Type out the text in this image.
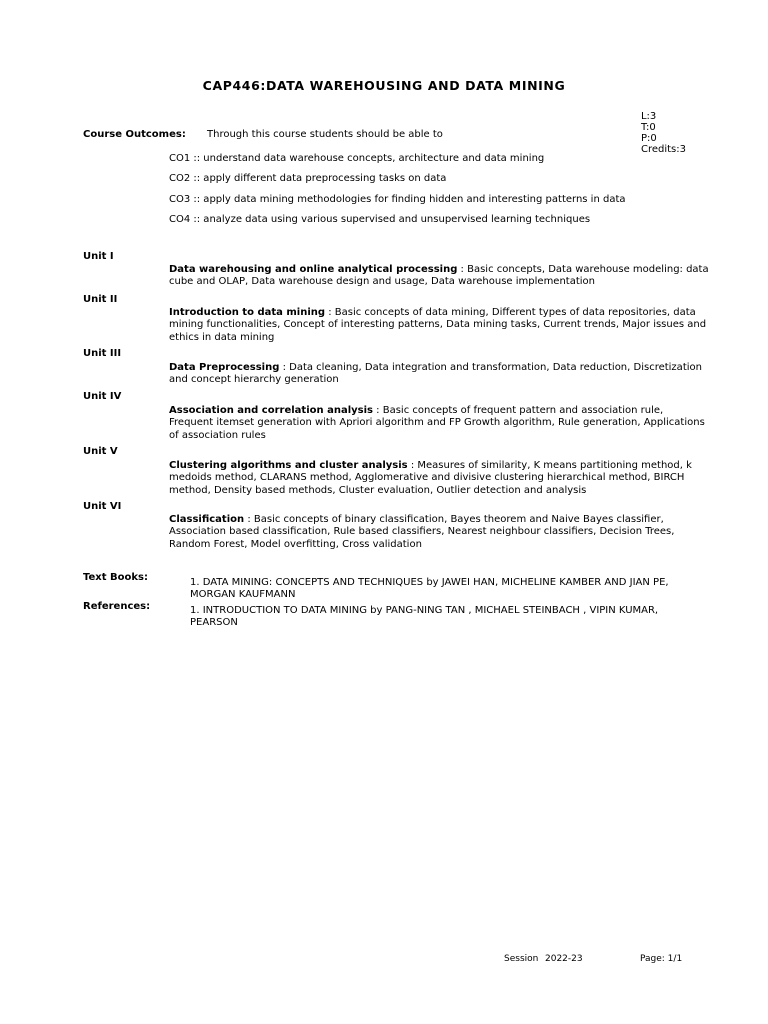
CAP446:DATA WAREHOUSING AND DATA MINING

L:3
T:0
P:0
Credits:3

Course Outcomes: Through this course students should be able to
CO1 :: understand data warehouse concepts, architecture and data mining
CO2 :: apply different data preprocessing tasks on data
CO3 :: apply data mining methodologies for finding hidden and interesting patterns in data
CO4 :: analyze data using various supervised and unsupervised learning techniques
Unit I
Data warehousing and online analytical processing : Basic concepts, Data warehouse modeling: data cube and OLAP, Data warehouse design and usage, Data warehouse implementation
Unit II
Introduction to data mining : Basic concepts of data mining, Different types of data repositories, data mining functionalities, Concept of interesting patterns, Data mining tasks, Current trends, Major issues and ethics in data mining
Unit III
Data Preprocessing : Data cleaning, Data integration and transformation, Data reduction, Discretization and concept hierarchy generation
Unit IV
Association and correlation analysis : Basic concepts of frequent pattern and association rule, Frequent itemset generation with Apriori algorithm and FP Growth algorithm, Rule generation, Applications of association rules
Unit V
Clustering algorithms and cluster analysis : Measures of similarity, K means partitioning method, k medoids method, CLARANS method, Agglomerative and divisive clustering hierarchical method, BIRCH method, Density based methods, Cluster evaluation, Outlier detection and analysis
Unit VI
Classification : Basic concepts of binary classification, Bayes theorem and Naive Bayes classifier, Association based classification, Rule based classifiers, Nearest neighbour classifiers, Decision Trees, Random Forest, Model overfitting, Cross validation
Text Books:	1. DATA MINING: CONCEPTS AND TECHNIQUES by JAWEI HAN, MICHELINE KAMBER AND JIAN PE, MORGAN KAUFMANN
References:	1. INTRODUCTION TO DATA MINING by PANG-NING TAN , MICHAEL STEINBACH , VIPIN KUMAR, PEARSON
Session 2022-23	Page: 1/1
